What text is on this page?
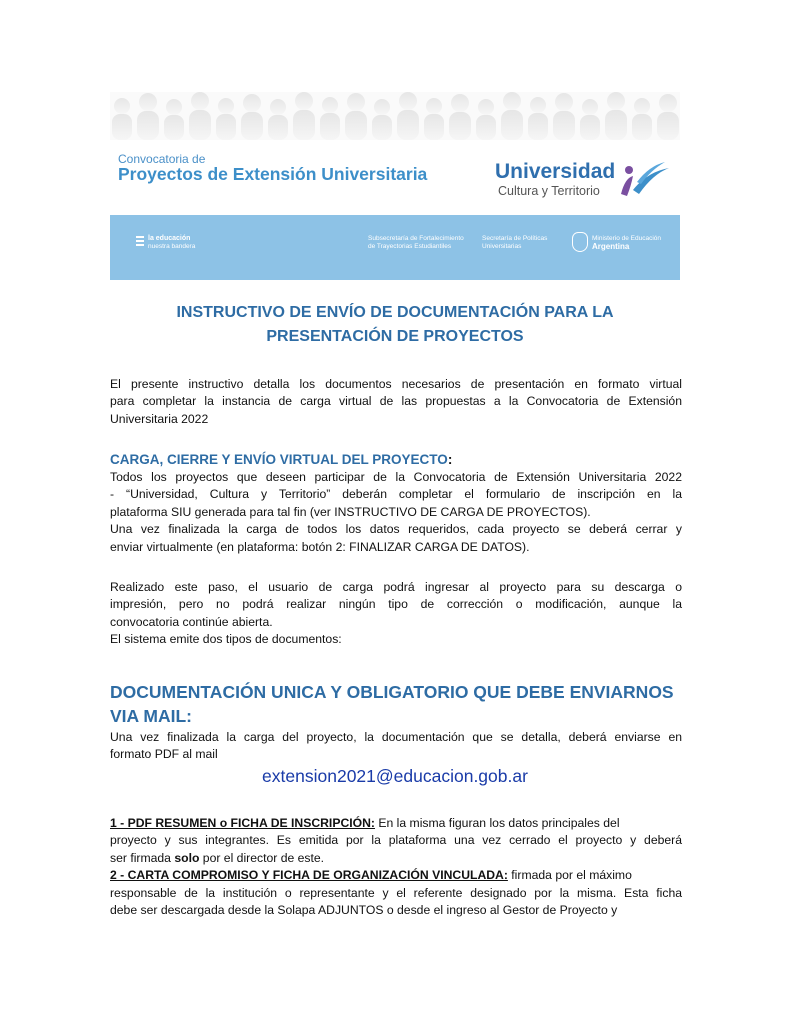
Convocatoria de
Proyectos de Extensión Universitaria	Universidad
Cultura y Territorio
la educación
nuestra bandera
Subsecretaría de Fortalecimiento
de Trayectorias Estudiantiles
Secretaría de Políticas
Universitarias
Ministerio de Educación
Argentina
INSTRUCTIVO DE ENVÍO DE DOCUMENTACIÓN PARA LA
PRESENTACIÓN DE PROYECTOS
El presente instructivo detalla los documentos necesarios de presentación en formato virtual
para completar la instancia de carga virtual de las propuestas a la Convocatoria de Extensión
Universitaria 2022
CARGA, CIERRE Y ENVÍO VIRTUAL DEL PROYECTO:
Todos los proyectos que deseen participar de la Convocatoria de Extensión Universitaria 2022
- “Universidad, Cultura y Territorio” deberán completar el formulario de inscripción en la
plataforma SIU generada para tal fin (ver INSTRUCTIVO DE CARGA DE PROYECTOS).
Una vez finalizada la carga de todos los datos requeridos, cada proyecto se deberá cerrar y
enviar virtualmente (en plataforma: botón 2: FINALIZAR CARGA DE DATOS).
Realizado este paso, el usuario de carga podrá ingresar al proyecto para su descarga o
impresión, pero no podrá realizar ningún tipo de corrección o modificación, aunque la
convocatoria continúe abierta.
El sistema emite dos tipos de documentos:
DOCUMENTACIÓN UNICA Y OBLIGATORIO QUE DEBE ENVIARNOS
VIA MAIL:
Una vez finalizada la carga del proyecto, la documentación que se detalla, deberá enviarse en
formato PDF al mail
extension2021@educacion.gob.ar
1 - PDF RESUMEN o FICHA DE INSCRIPCIÓN: En la misma figuran los datos principales del
proyecto y sus integrantes. Es emitida por la plataforma una vez cerrado el proyecto y deberá
ser firmada solo por el director de este.
2 - CARTA COMPROMISO Y FICHA DE ORGANIZACIÓN VINCULADA: firmada por el máximo
responsable de la institución o representante y el referente designado por la misma. Esta ficha
debe ser descargada desde la Solapa ADJUNTOS o desde el ingreso al Gestor de Proyecto y
